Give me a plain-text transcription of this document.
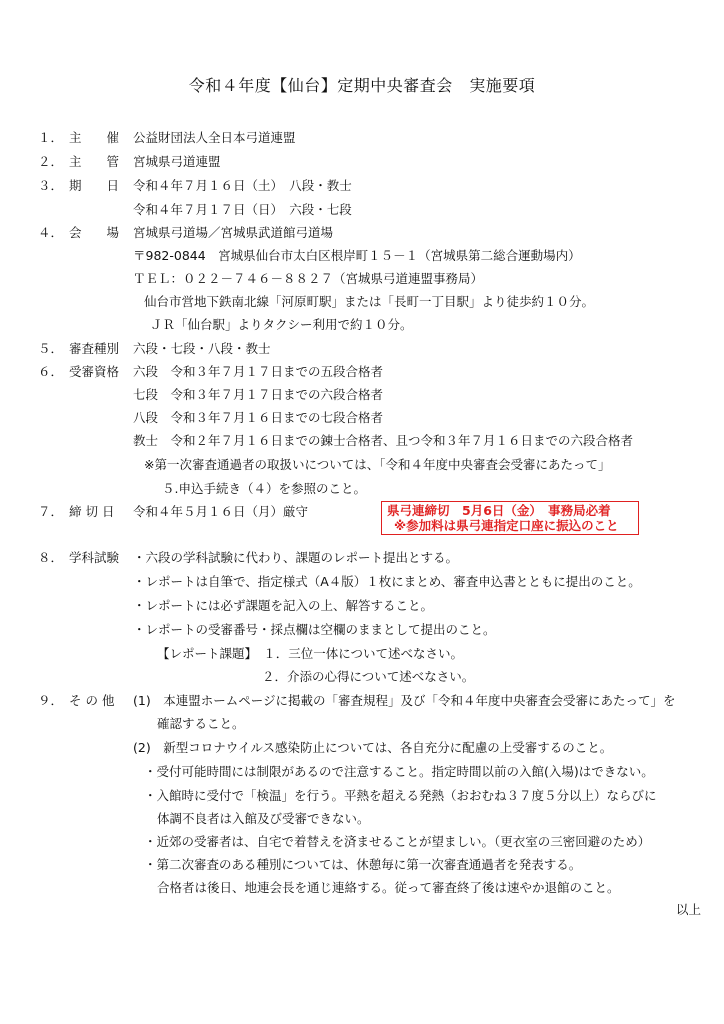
令和４年度【仙台】定期中央審査会　実施要項
１． 主　　催 公益財団法人全日本弓道連盟
２． 主　　管 宮城県弓道連盟
３． 期　　日 令和４年７月１６日（土）　八段・教士
令和４年７月１７日（日）　六段・七段
４． 会　　場 宮城県弓道場／宮城県武道館弓道場
〒982-0844　宮城県仙台市太白区根岸町１５－１（宮城県第二総合運動場内）
ＴＥＬ：０２２－７４６－８８２７（宮城県弓道連盟事務局）
仙台市営地下鉄南北線「河原町駅」または「長町一丁目駅」より徒歩約１０分。
ＪＲ「仙台駅」よりタクシー利用で約１０分。
５． 審査種別 六段・七段・八段・教士
６． 受審資格 六段　令和３年７月１７日までの五段合格者
七段　令和３年７月１７日までの六段合格者
八段　令和３年７月１６日までの七段合格者
教士　令和２年７月１６日までの錬士合格者、且つ令和３年７月１６日までの六段合格者
※第一次審査通過者の取扱いについては、「令和４年度中央審査会受審にあたって」
５.申込手続き（４）を参照のこと。
７． 締 切 日 令和４年５月１６日（月）厳守	県弓連締切　5月6日（金）　事務局必着
※参加料は県弓連指定口座に振込のこと
８． 学科試験 ・六段の学科試験に代わり、課題のレポート提出とする。
・レポートは自筆で、指定様式（A４版）１枚にまとめ、審査申込書とともに提出のこと。
・レポートには必ず課題を記入の上、解答すること。
・レポートの受審番号・採点欄は空欄のままとして提出のこと。
【レポート課題】　１．三位一体について述べなさい。
２．介添の心得について述べなさい。
９． そ の 他 (1)　本連盟ホームページに掲載の「審査規程」及び「令和４年度中央審査会受審にあたって」を
確認すること。
(2)　新型コロナウイルス感染防止については、各自充分に配慮の上受審するのこと。
・受付可能時間には制限があるので注意すること。指定時間以前の入館(入場)はできない。
・入館時に受付で「検温」を行う。平熱を超える発熱（おおむね３７度５分以上）ならびに
体調不良者は入館及び受審できない。
・近郊の受審者は、自宅で着替えを済ませることが望ましい。（更衣室の三密回避のため）
・第二次審査のある種別については、休憩毎に第一次審査通過者を発表する。
合格者は後日、地連会長を通じ連絡する。従って審査終了後は速やか退館のこと。
以上
